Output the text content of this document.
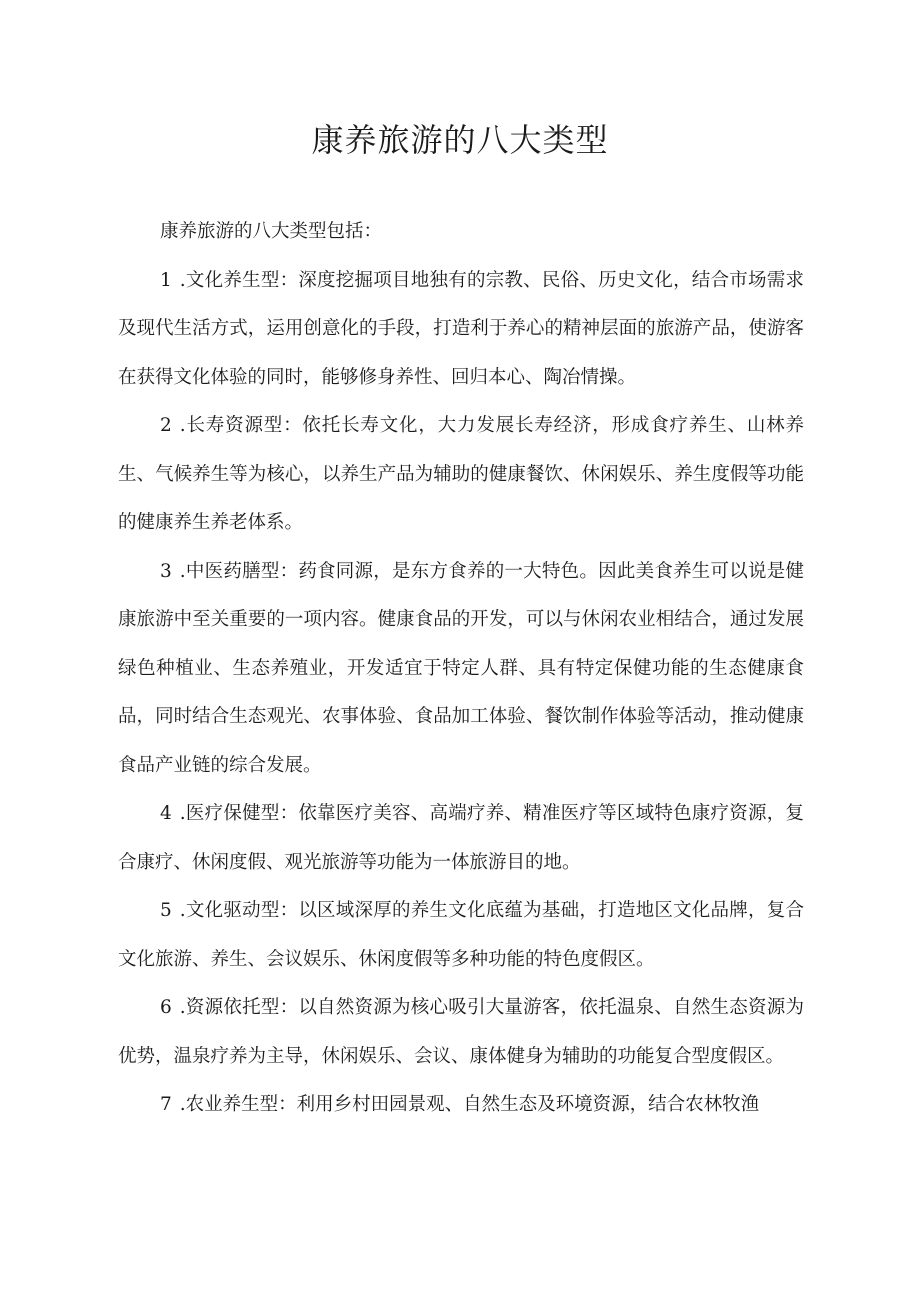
康养旅游的八大类型

康养旅游的八大类型包括：

1 .文化养生型：深度挖掘项目地独有的宗教、民俗、历史文化，结合市场需求及现代生活方式，运用创意化的手段，打造利于养心的精神层面的旅游产品，使游客在获得文化体验的同时，能够修身养性、回归本心、陶冶情操。

2 .长寿资源型：依托长寿文化，大力发展长寿经济，形成食疗养生、山林养生、气候养生等为核心，以养生产品为辅助的健康餐饮、休闲娱乐、养生度假等功能的健康养生养老体系。

3 .中医药膳型：药食同源，是东方食养的一大特色。因此美食养生可以说是健康旅游中至关重要的一项内容。健康食品的开发，可以与休闲农业相结合，通过发展绿色种植业、生态养殖业，开发适宜于特定人群、具有特定保健功能的生态健康食品，同时结合生态观光、农事体验、食品加工体验、餐饮制作体验等活动，推动健康食品产业链的综合发展。

4 .医疗保健型：依靠医疗美容、高端疗养、精准医疗等区域特色康疗资源，复合康疗、休闲度假、观光旅游等功能为一体旅游目的地。

5 .文化驱动型：以区域深厚的养生文化底蕴为基础，打造地区文化品牌，复合文化旅游、养生、会议娱乐、休闲度假等多种功能的特色度假区。

6 .资源依托型：以自然资源为核心吸引大量游客，依托温泉、自然生态资源为优势，温泉疗养为主导，休闲娱乐、会议、康体健身为辅助的功能复合型度假区。

7 .农业养生型：利用乡村田园景观、自然生态及环境资源，结合农林牧渔
